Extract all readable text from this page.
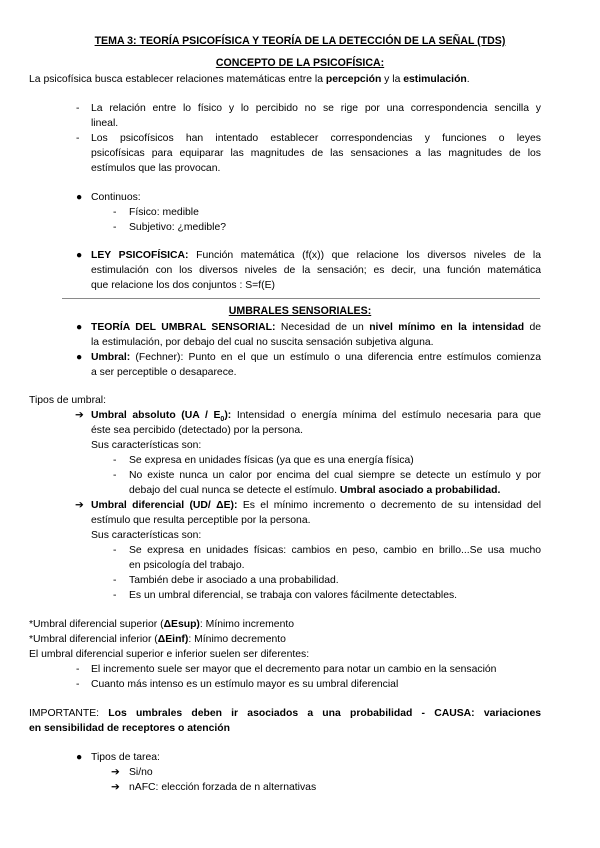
TEMA 3: TEORÍA PSICOFÍSICA Y TEORÍA DE LA DETECCIÓN DE LA SEÑAL (TDS)
CONCEPTO DE LA PSICOFÍSICA:
La psicofísica busca establecer relaciones matemáticas entre la percepción y la estimulación.
- La relación entre lo físico y lo percibido no se rige por una correspondencia sencilla y
lineal.
- Los psicofísicos han intentado establecer correspondencias y funciones o leyes
psicofísicas para equiparar las magnitudes de las sensaciones a las magnitudes de los
estímulos que las provocan.
● Continuos:
- Físico: medible
- Subjetivo: ¿medible?
● LEY PSICOFÍSICA: Función matemática (f(x)) que relacione los diversos niveles de la
estimulación con los diversos niveles de la sensación; es decir, una función matemática
que relacione los dos conjuntos : S=f(E)
UMBRALES SENSORIALES:
● TEORÍA DEL UMBRAL SENSORIAL: Necesidad de un nivel mínimo en la intensidad de
la estimulación, por debajo del cual no suscita sensación subjetiva alguna.
● Umbral: (Fechner): Punto en el que un estímulo o una diferencia entre estímulos comienza
a ser perceptible o desaparece.
Tipos de umbral:
➔ Umbral absoluto $(UA / E_0)$: Intensidad o energía mínima del estímulo necesaria para que
éste sea percibido (detectado) por la persona.
Sus características son:
- Se expresa en unidades físicas (ya que es una energía física)
- No existe nunca un calor por encima del cual siempre se detecte un estímulo y por
debajo del cual nunca se detecte el estímulo. Umbral asociado a probabilidad.
➔ Umbral diferencial (UD/ ΔE): Es el mínimo incremento o decremento de su intensidad del
estímulo que resulta perceptible por la persona.
Sus características son:
- Se expresa en unidades físicas: cambios en peso, cambio en brillo...Se usa mucho
en psicología del trabajo.
- También debe ir asociado a una probabilidad.
- Es un umbral diferencial, se trabaja con valores fácilmente detectables.
*Umbral diferencial superior (ΔEsup): Mínimo incremento
*Umbral diferencial inferior (ΔEinf): Mínimo decremento
El umbral diferencial superior e inferior suelen ser diferentes:
- El incremento suele ser mayor que el decremento para notar un cambio en la sensación
- Cuanto más intenso es un estímulo mayor es su umbral diferencial
IMPORTANTE: Los umbrales deben ir asociados a una probabilidad - CAUSA: variaciones
en sensibilidad de receptores o atención
● Tipos de tarea:
➔ Si/no
➔ nAFC: elección forzada de n alternativas
